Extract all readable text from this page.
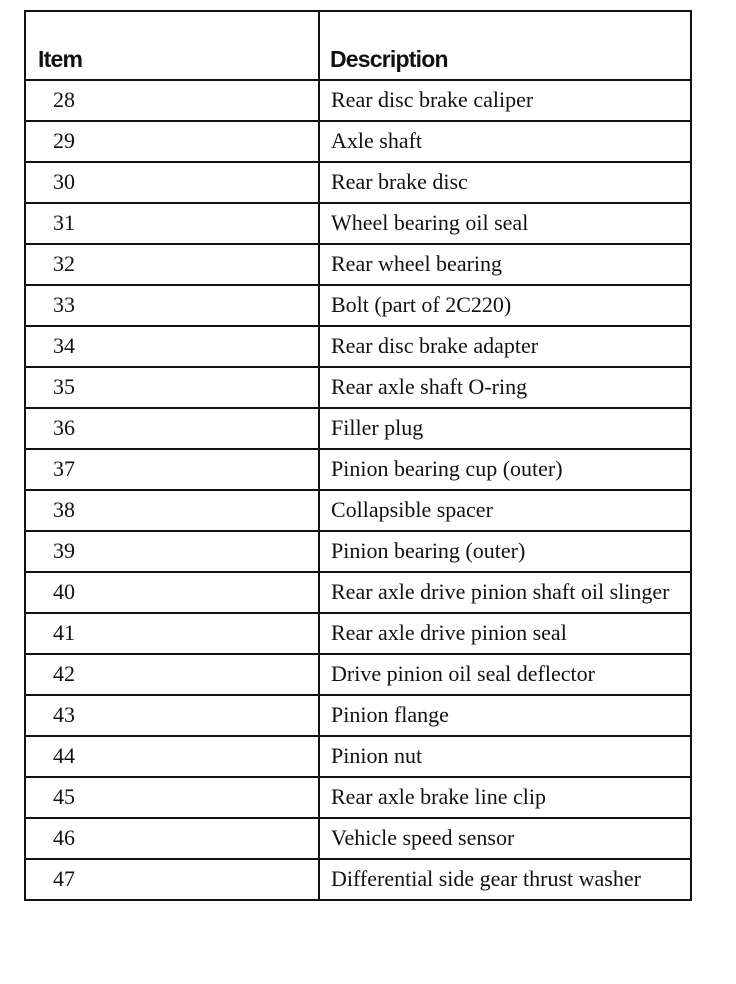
Item	Description
28	Rear disc brake caliper
29	Axle shaft
30	Rear brake disc
31	Wheel bearing oil seal
32	Rear wheel bearing
33	Bolt (part of 2C220)
34	Rear disc brake adapter
35	Rear axle shaft O-ring
36	Filler plug
37	Pinion bearing cup (outer)
38	Collapsible spacer
39	Pinion bearing (outer)
40	Rear axle drive pinion shaft oil slinger
41	Rear axle drive pinion seal
42	Drive pinion oil seal deflector
43	Pinion flange
44	Pinion nut
45	Rear axle brake line clip
46	Vehicle speed sensor
47	Differential side gear thrust washer
